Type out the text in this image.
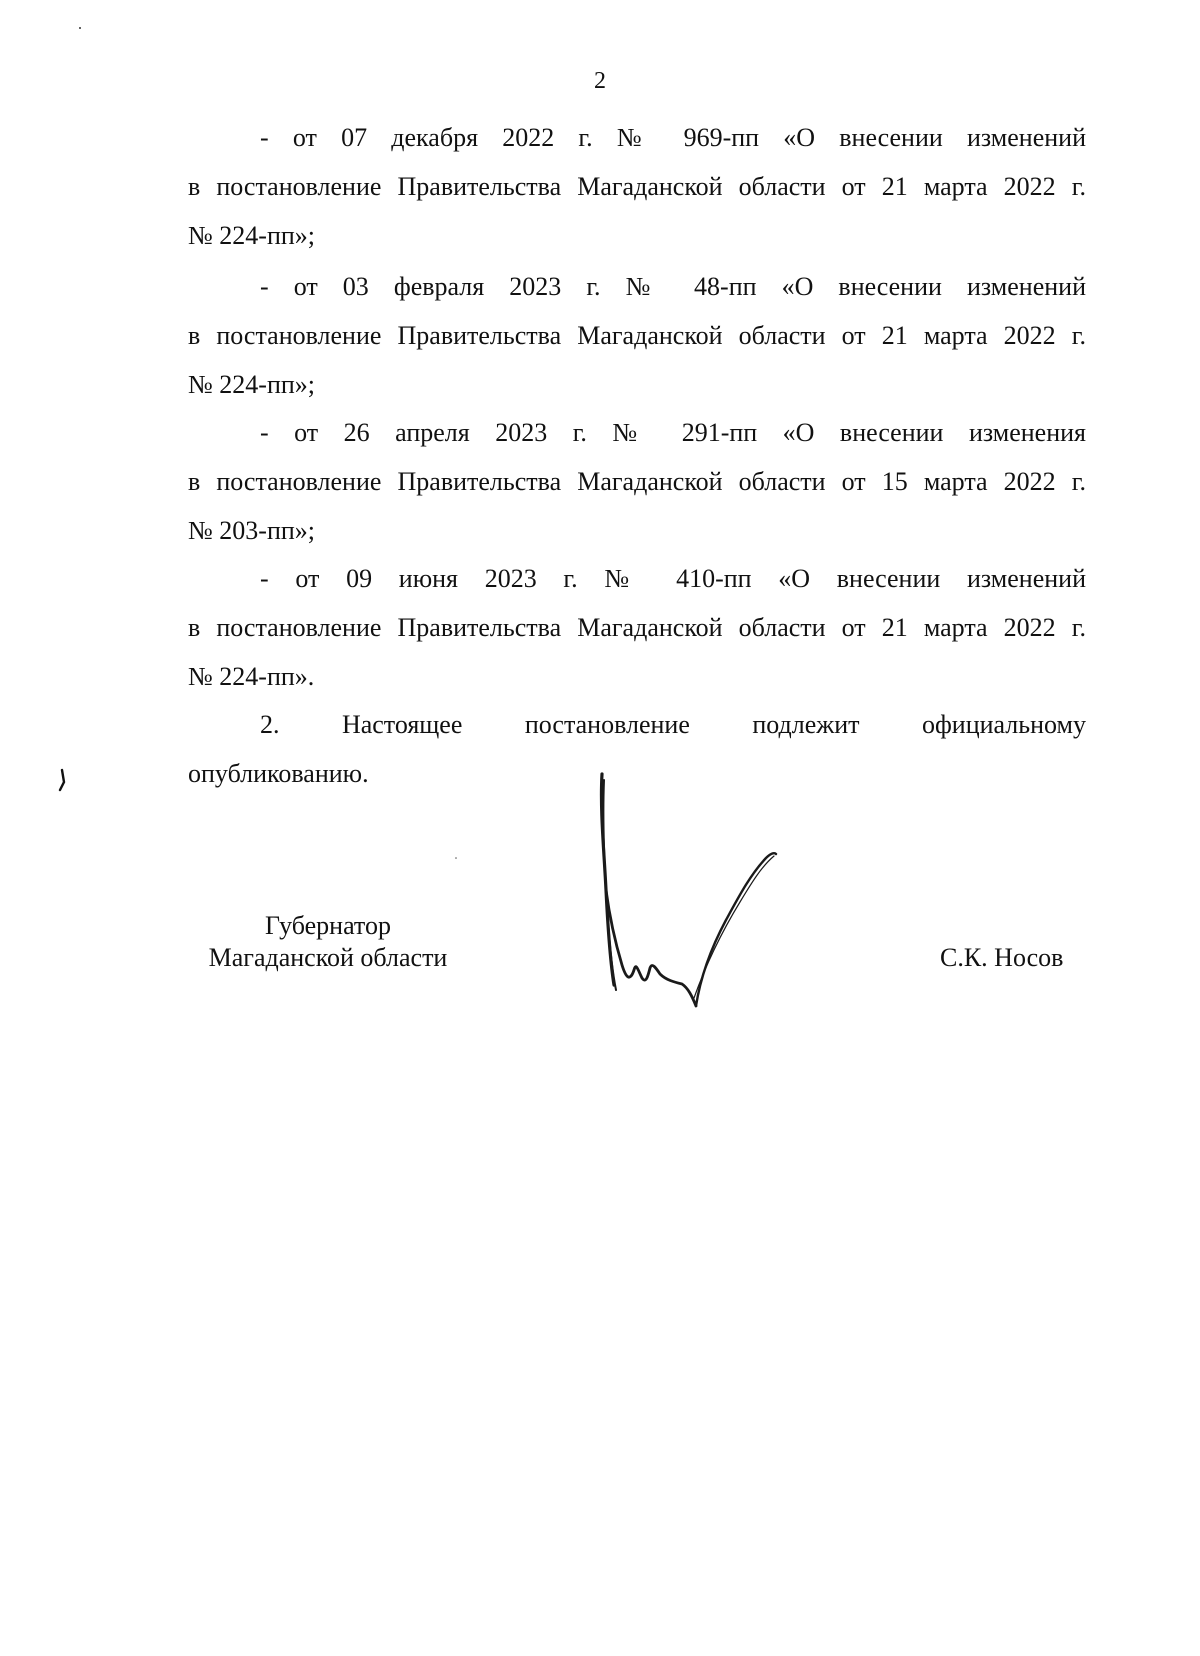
2
- от 07 декабря 2022 г. № 969-пп «О внесении изменений
в постановление Правительства Магаданской области от 21 марта 2022 г.
№ 224-пп»;
- от 03 февраля 2023 г. № 48-пп «О внесении изменений
в постановление Правительства Магаданской области от 21 марта 2022 г.
№ 224-пп»;
- от 26 апреля 2023 г. № 291-пп «О внесении изменения
в постановление Правительства Магаданской области от 15 марта 2022 г.
№ 203-пп»;
- от 09 июня 2023 г. № 410-пп «О внесении изменений
в постановление Правительства Магаданской области от 21 марта 2022 г.
№ 224-пп».
2. Настоящее постановление подлежит официальному
опубликованию.
Губернатор
Магаданской области	С.К. Носов
